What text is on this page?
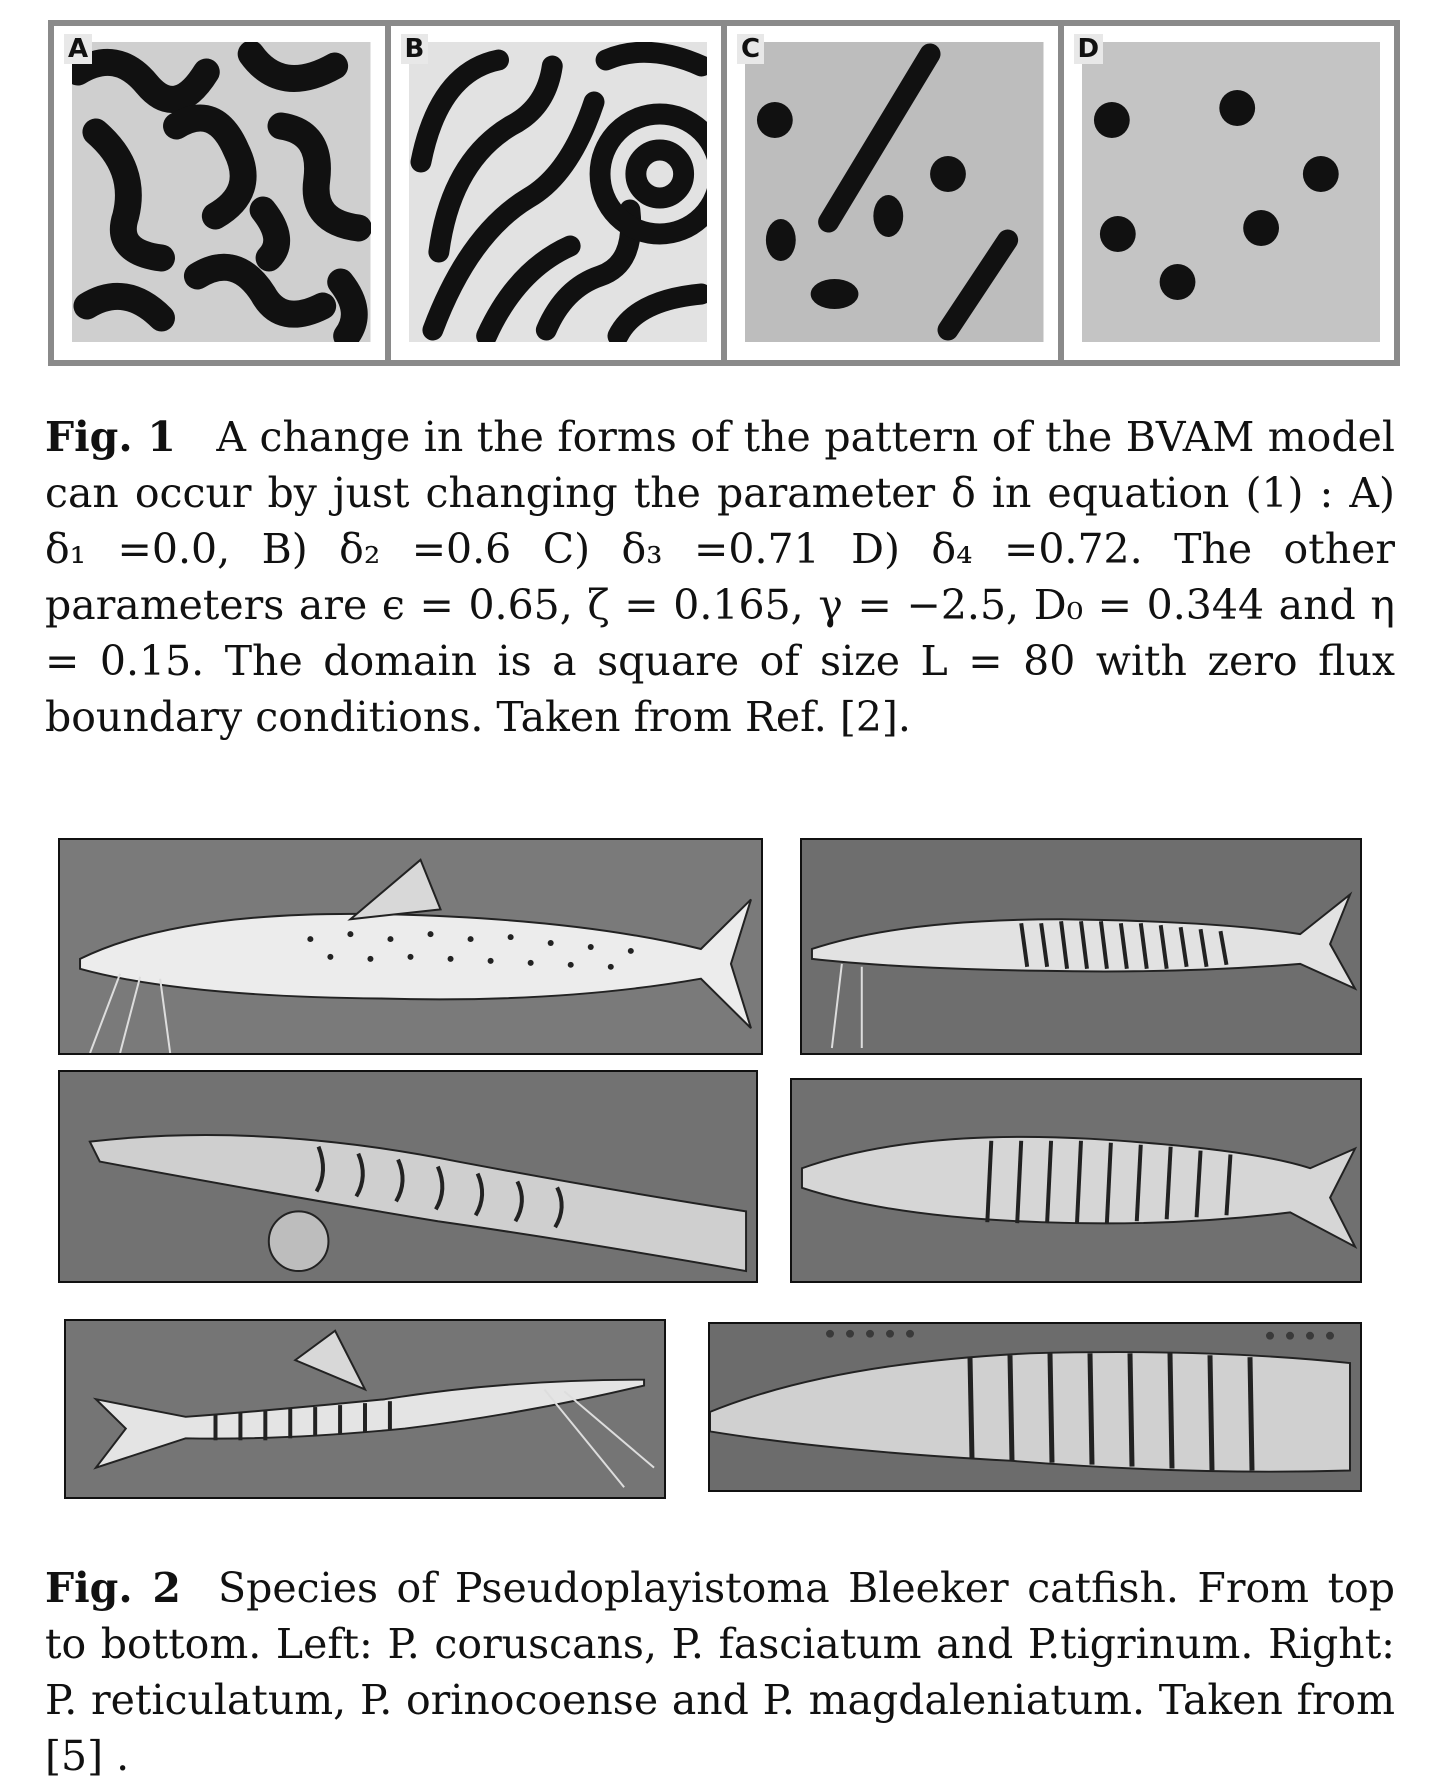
A	B	C	D
Fig. 1 A change in the forms of the pattern of the BVAM model can occur by just changing the parameter δ in equation (1) : A) δ₁ =0.0, B) δ₂ =0.6 C) δ₃ =0.71 D) δ₄ =0.72. The other parameters are ϵ = 0.65, ζ = 0.165, γ = −2.5, D₀ = 0.344 and η = 0.15. The domain is a square of size L = 80 with zero flux boundary conditions. Taken from Ref. [2].
Fig. 2 Species of Pseudoplayistoma Bleeker catfish. From top to bottom. Left: P. coruscans, P. fasciatum and P.tigrinum. Right: P. reticulatum, P. orinocoense and P. magdaleniatum. Taken from [5] .
